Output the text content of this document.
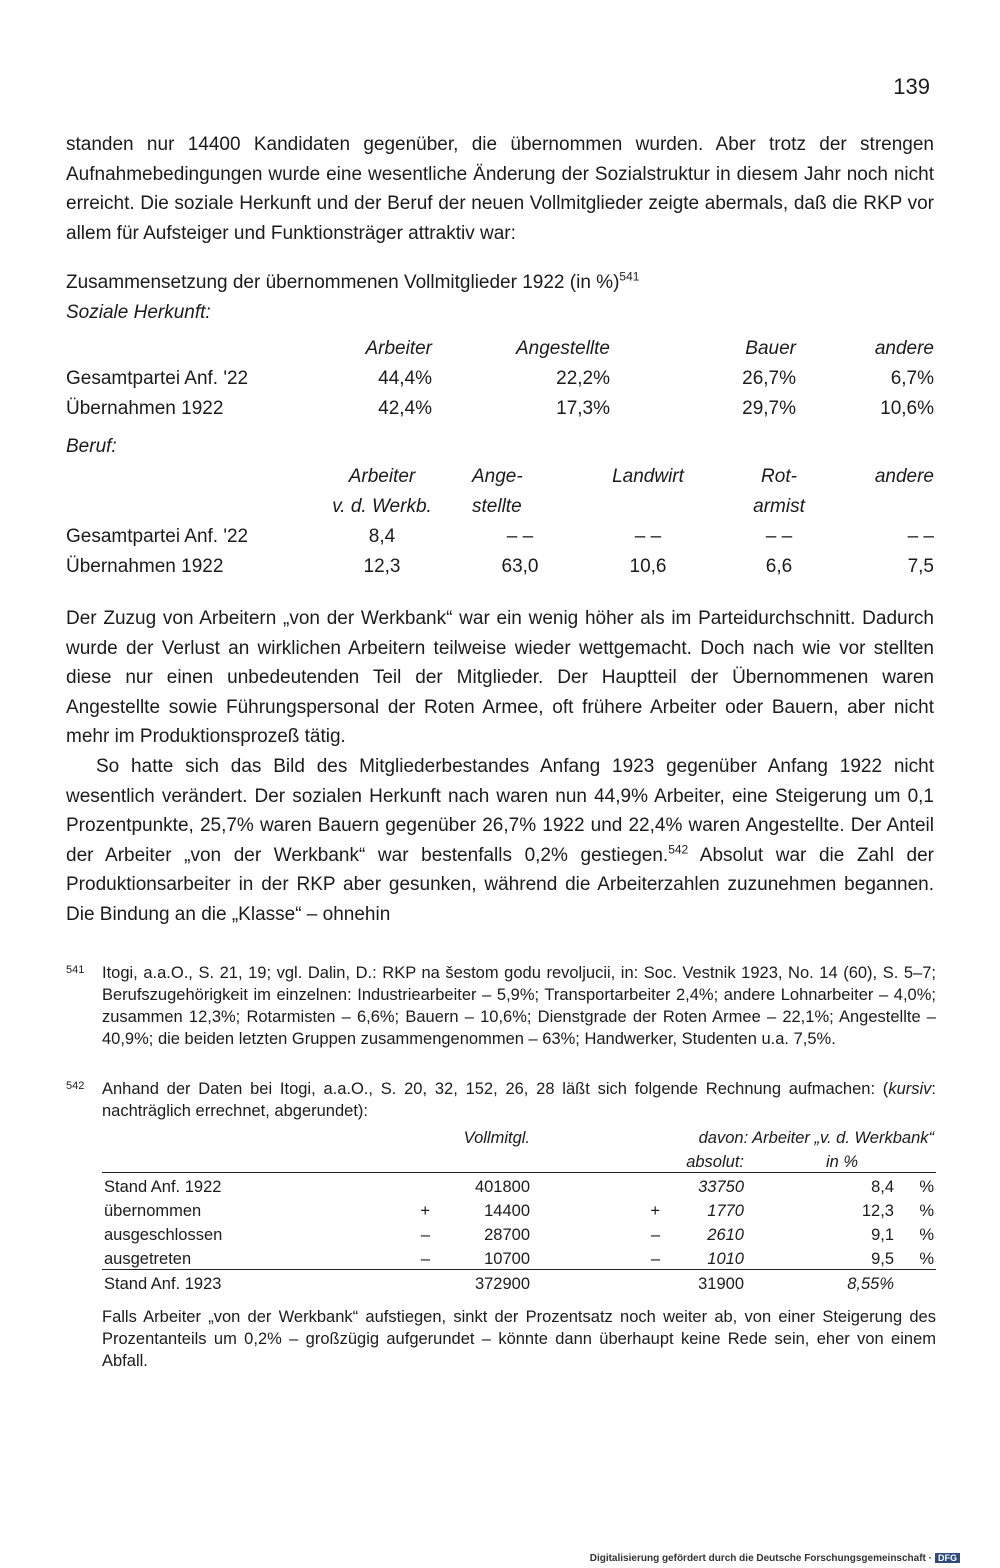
139

standen nur 14400 Kandidaten gegenüber, die übernommen wurden. Aber trotz der strengen Aufnahmebedingungen wurde eine wesentliche Änderung der Sozialstruktur in diesem Jahr noch nicht erreicht. Die soziale Herkunft und der Beruf der neuen Vollmitglieder zeigte abermals, daß die RKP vor allem für Aufsteiger und Funktionsträger attraktiv war:

Zusammensetzung der übernommenen Vollmitglieder 1922 (in %)$^{541}$
Soziale Herkunft:
	Arbeiter	Angestellte	Bauer	andere
Gesamtpartei Anf. '22	44,4%	22,2%	26,7%	6,7%
Übernahmen 1922	42,4%	17,3%	29,7%	10,6%
Beruf:
	Arbeiter	Ange-	Landwirt	Rot-	andere
	v. d. Werkb.	stellte		armist	
Gesamtpartei Anf. '22	8,4	– –	– –	– –	– –
Übernahmen 1922	12,3	63,0	10,6	6,6	7,5

Der Zuzug von Arbeitern „von der Werkbank“ war ein wenig höher als im Parteidurchschnitt. Dadurch wurde der Verlust an wirklichen Arbeitern teilweise wieder wettgemacht. Doch nach wie vor stellten diese nur einen unbedeutenden Teil der Mitglieder. Der Hauptteil der Übernommenen waren Angestellte sowie Führungspersonal der Roten Armee, oft frühere Arbeiter oder Bauern, aber nicht mehr im Produktionsprozeß tätig.

So hatte sich das Bild des Mitgliederbestandes Anfang 1923 gegenüber Anfang 1922 nicht wesentlich verändert. Der sozialen Herkunft nach waren nun 44,9% Arbeiter, eine Steigerung um 0,1 Prozentpunkte, 25,7% waren Bauern gegenüber 26,7% 1922 und 22,4% waren Angestellte. Der Anteil der Arbeiter „von der Werkbank“ war bestenfalls 0,2% gestiegen.$^{542}$ Absolut war die Zahl der Produktionsarbeiter in der RKP aber gesunken, während die Arbeiterzahlen zuzunehmen begannen. Die Bindung an die „Klasse“ – ohnehin

541 Itogi, a.a.O., S. 21, 19; vgl. Dalin, D.: RKP na šestom godu revoljucii, in: Soc. Vestnik 1923, No. 14 (60), S. 5–7; Berufszugehörigkeit im einzelnen: Industriearbeiter – 5,9%; Transportarbeiter 2,4%; andere Lohnarbeiter – 4,0%; zusammen 12,3%; Rotarmisten – 6,6%; Bauern – 10,6%; Dienstgrade der Roten Armee – 22,1%; Angestellte – 40,9%; die beiden letzten Gruppen zusammengenommen – 63%; Handwerker, Studenten u.a. 7,5%.
542 Anhand der Daten bei Itogi, a.a.O., S. 20, 32, 152, 26, 28 läßt sich folgende Rechnung aufmachen: (kursiv: nachträglich errechnet, abgerundet):
		Vollmitgl.	davon: Arbeiter „v. d. Werkbank“			
				absolut:	in %	
Stand Anf. 1922		401800		33750	8,4	%
übernommen	+	14400	+	1770	12,3	%
ausgeschlossen	–	28700	–	2610	9,1	%
ausgetreten	–	10700	–	1010	9,5	%
Stand Anf. 1923		372900		31900	8,55%	
Falls Arbeiter „von der Werkbank“ aufstiegen, sinkt der Prozentsatz noch weiter ab, von einer Steigerung des Prozentanteils um 0,2% – großzügig aufgerundet – könnte dann überhaupt keine Rede sein, eher von einem Abfall.
Digitalisierung gefördert durch die Deutsche Forschungsgemeinschaft · DFG
